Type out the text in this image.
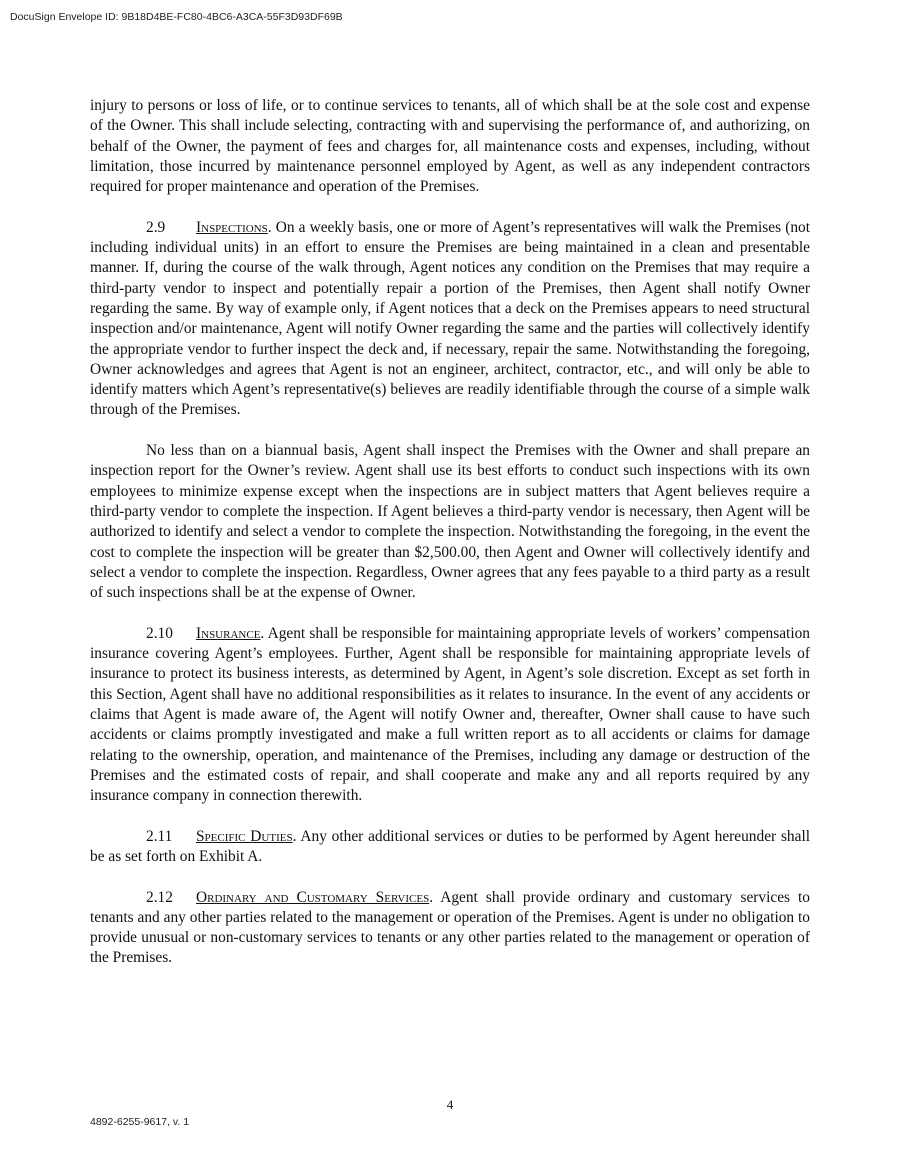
DocuSign Envelope ID: 9B18D4BE-FC80-4BC6-A3CA-55F3D93DF69B

injury to persons or loss of life, or to continue services to tenants, all of which shall be at the sole cost and expense of the Owner. This shall include selecting, contracting with and supervising the performance of, and authorizing, on behalf of the Owner, the payment of fees and charges for, all maintenance costs and expenses, including, without limitation, those incurred by maintenance personnel employed by Agent, as well as any independent contractors required for proper maintenance and operation of the Premises.

2.9 Inspections. On a weekly basis, one or more of Agent’s representatives will walk the Premises (not including individual units) in an effort to ensure the Premises are being maintained in a clean and presentable manner. If, during the course of the walk through, Agent notices any condition on the Premises that may require a third-party vendor to inspect and potentially repair a portion of the Premises, then Agent shall notify Owner regarding the same. By way of example only, if Agent notices that a deck on the Premises appears to need structural inspection and/or maintenance, Agent will notify Owner regarding the same and the parties will collectively identify the appropriate vendor to further inspect the deck and, if necessary, repair the same. Notwithstanding the foregoing, Owner acknowledges and agrees that Agent is not an engineer, architect, contractor, etc., and will only be able to identify matters which Agent’s representative(s) believes are readily identifiable through the course of a simple walk through of the Premises.

No less than on a biannual basis, Agent shall inspect the Premises with the Owner and shall prepare an inspection report for the Owner’s review. Agent shall use its best efforts to conduct such inspections with its own employees to minimize expense except when the inspections are in subject matters that Agent believes require a third-party vendor to complete the inspection. If Agent believes a third-party vendor is necessary, then Agent will be authorized to identify and select a vendor to complete the inspection. Notwithstanding the foregoing, in the event the cost to complete the inspection will be greater than $2,500.00, then Agent and Owner will collectively identify and select a vendor to complete the inspection. Regardless, Owner agrees that any fees payable to a third party as a result of such inspections shall be at the expense of Owner.

2.10 Insurance. Agent shall be responsible for maintaining appropriate levels of workers’ compensation insurance covering Agent’s employees. Further, Agent shall be responsible for maintaining appropriate levels of insurance to protect its business interests, as determined by Agent, in Agent’s sole discretion. Except as set forth in this Section, Agent shall have no additional responsibilities as it relates to insurance. In the event of any accidents or claims that Agent is made aware of, the Agent will notify Owner and, thereafter, Owner shall cause to have such accidents or claims promptly investigated and make a full written report as to all accidents or claims for damage relating to the ownership, operation, and maintenance of the Premises, including any damage or destruction of the Premises and the estimated costs of repair, and shall cooperate and make any and all reports required by any insurance company in connection therewith.

2.11 Specific Duties. Any other additional services or duties to be performed by Agent hereunder shall be as set forth on Exhibit A.

2.12 Ordinary and Customary Services. Agent shall provide ordinary and customary services to tenants and any other parties related to the management or operation of the Premises. Agent is under no obligation to provide unusual or non-customary services to tenants or any other parties related to the management or operation of the Premises.

4
4892-6255-9617, v. 1
